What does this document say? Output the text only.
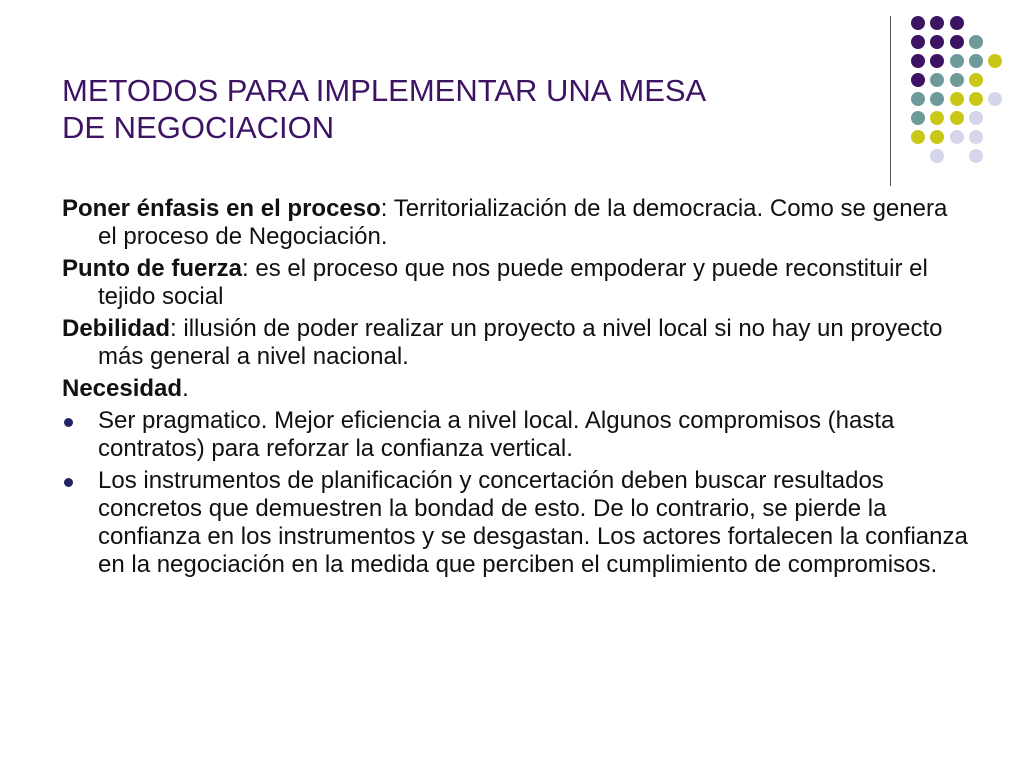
METODOS PARA IMPLEMENTAR UNA MESA
DE NEGOCIACION

Poner énfasis en el proceso: Territorialización de la democracia. Como se genera el proceso de Negociación.

Punto de fuerza: es el proceso que nos puede empoderar y puede reconstituir el tejido social

Debilidad: illusión de poder realizar un proyecto a nivel local si no hay un proyecto más general a nivel nacional.

Necesidad.

Ser pragmatico. Mejor eficiencia a nivel local. Algunos compromisos (hasta contratos) para reforzar la confianza vertical.
Los instrumentos de planificación y concertación deben buscar resultados concretos que demuestren la bondad de esto. De lo contrario, se pierde la confianza en los instrumentos y se desgastan. Los actores fortalecen la confianza en la negociación en la medida que perciben el cumplimiento de compromisos.
